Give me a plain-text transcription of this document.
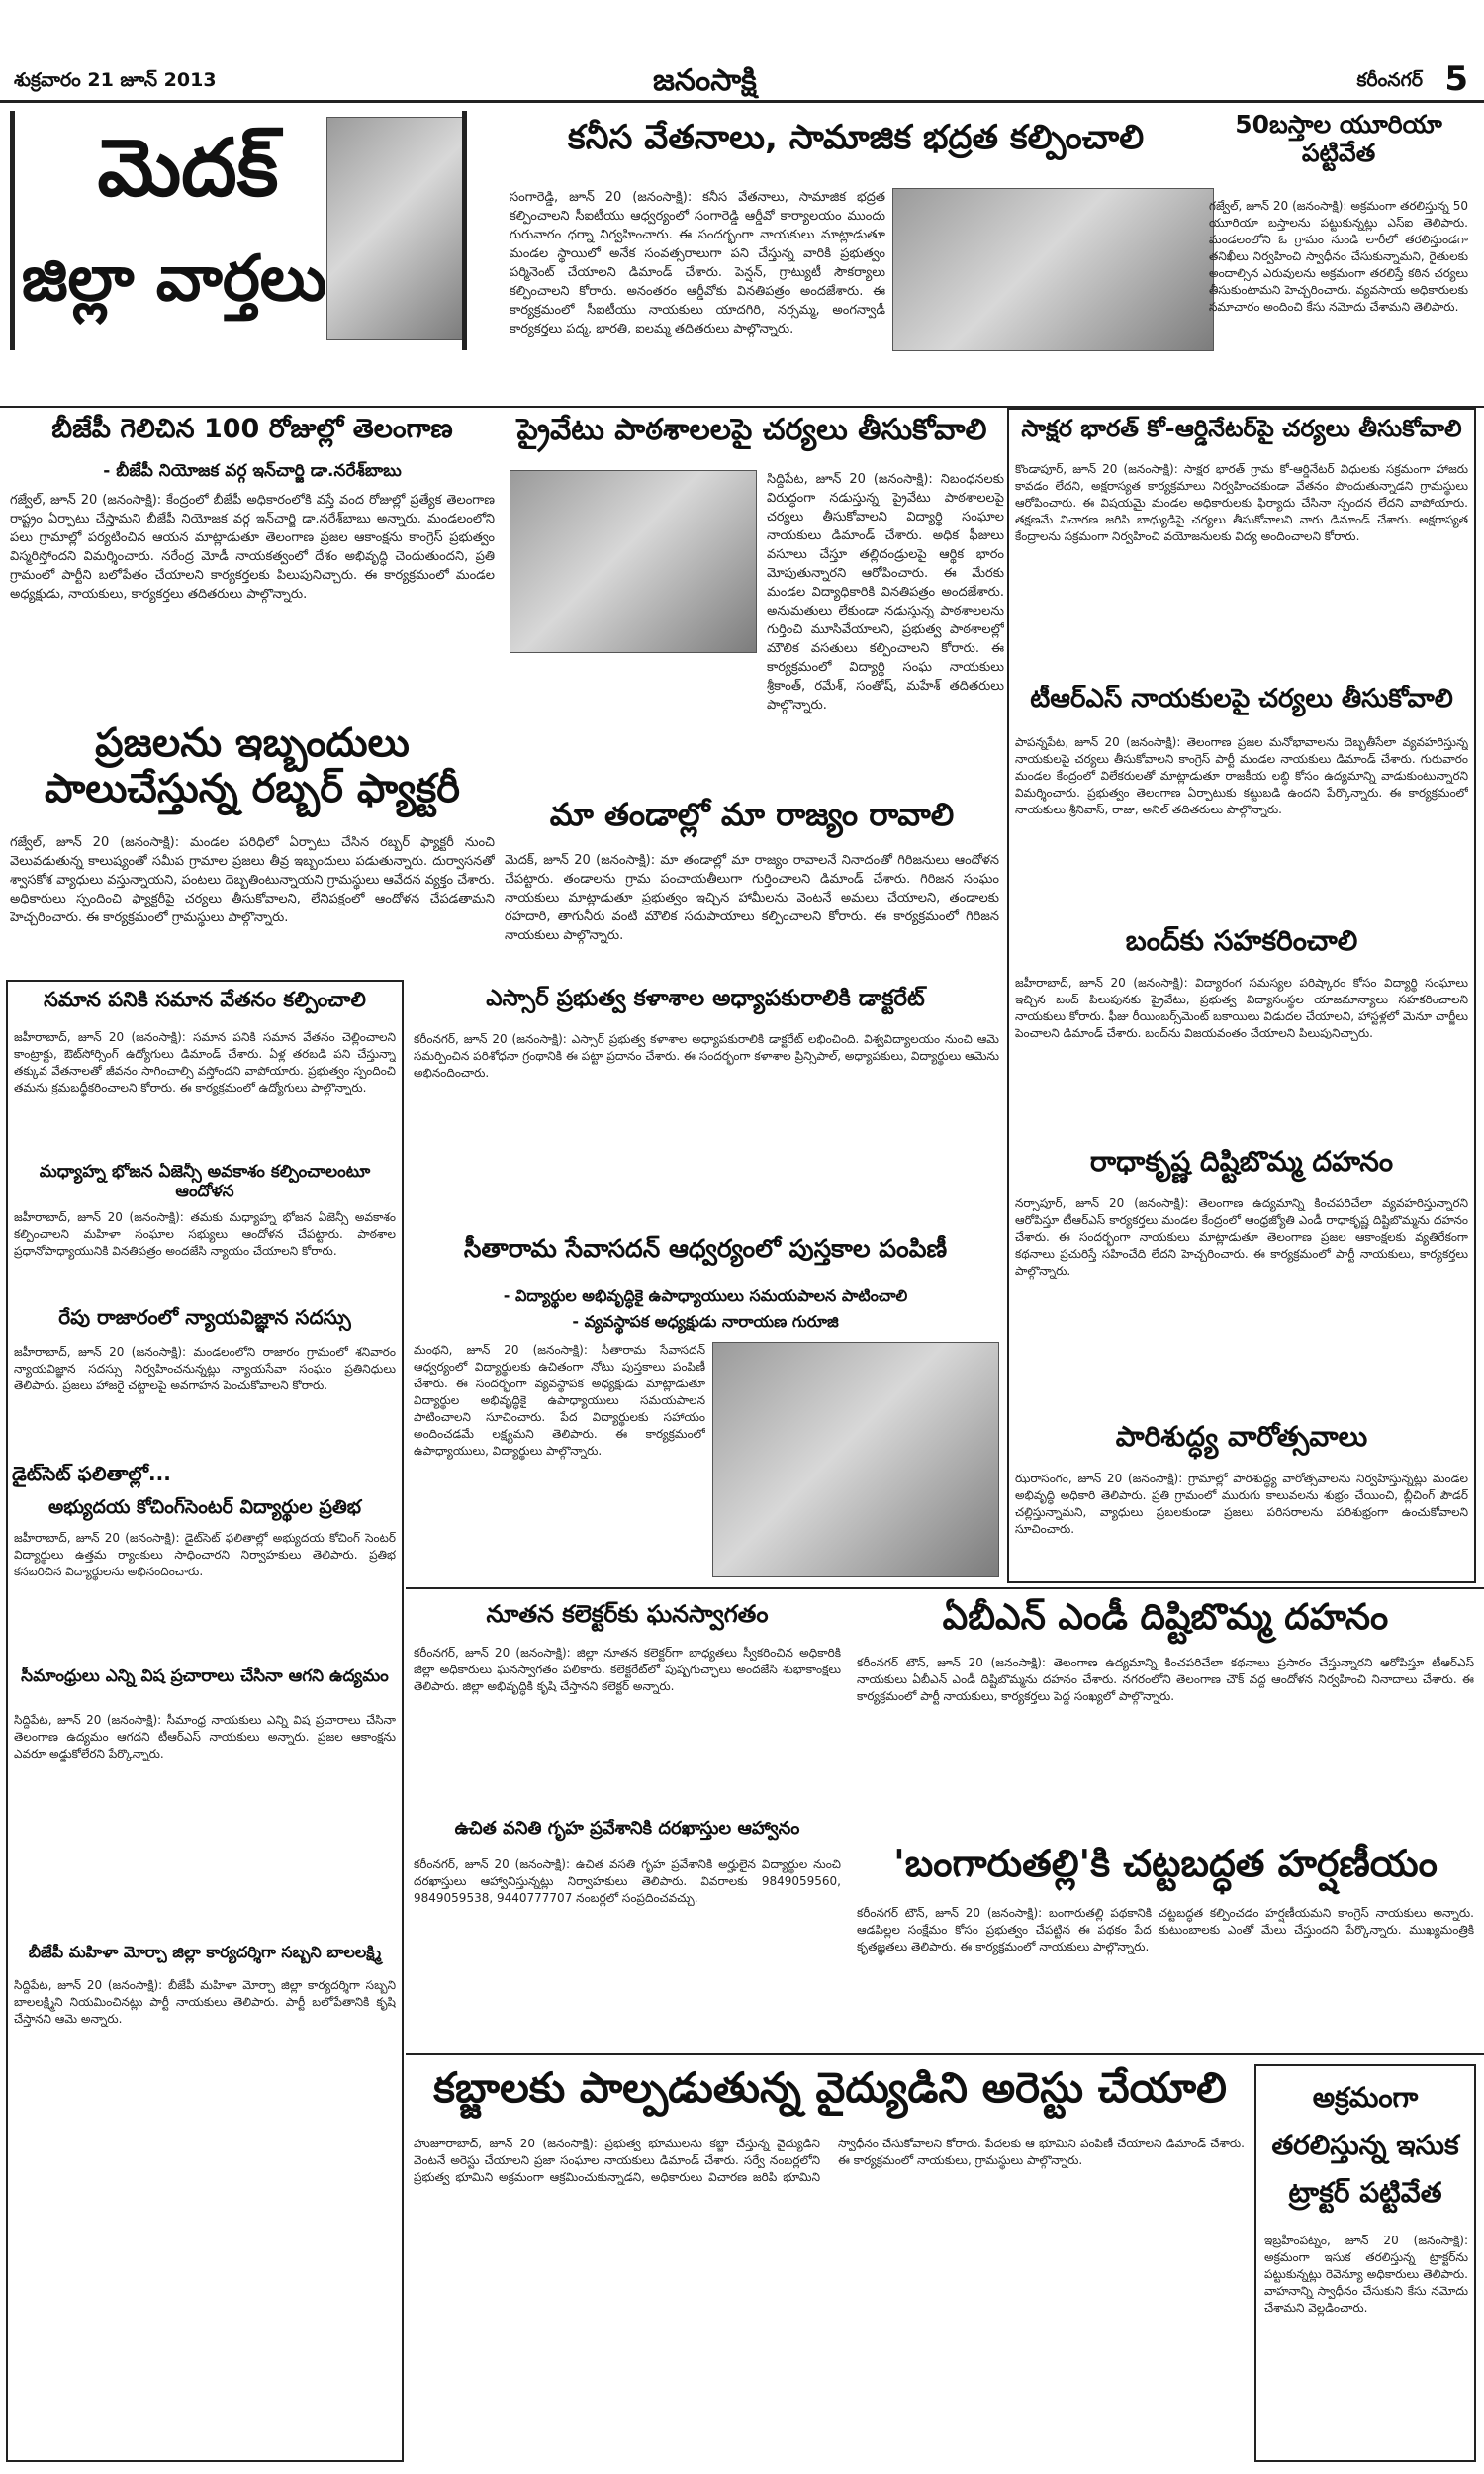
శుక్రవారం 21 జూన్ 2013	జనంసాక్షి	కరీంనగర్ 5
మెదక్
జిల్లా వార్తలు
కనీస వేతనాలు, సామాజిక భద్రత కల్పించాలి
సంగారెడ్డి, జూన్ 20 (జనంసాక్షి): కనీస వేతనాలు, సామాజిక భద్రత కల్పించాలని సీఐటీయు ఆధ్వర్యంలో సంగారెడ్డి ఆర్డీవో కార్యాలయం ముందు గురువారం ధర్నా నిర్వహించారు. ఈ సందర్భంగా నాయకులు మాట్లాడుతూ మండల స్థాయిలో అనేక సంవత్సరాలుగా పని చేస్తున్న వారికి ప్రభుత్వం పర్మినెంట్ చేయాలని డిమాండ్ చేశారు. పెన్షన్, గ్రాట్యుటీ సౌకర్యాలు కల్పించాలని కోరారు. అనంతరం ఆర్డీవోకు వినతిపత్రం అందజేశారు. ఈ కార్యక్రమంలో సీఐటీయు నాయకులు యాదగిరి, నర్సమ్మ, అంగన్వాడీ కార్యకర్తలు పద్మ, భారతి, ఐలమ్మ తదితరులు పాల్గొన్నారు.
50బస్తాల యూరియా పట్టివేత
గజ్వేల్, జూన్ 20 (జనంసాక్షి): అక్రమంగా తరలిస్తున్న 50 యూరియా బస్తాలను పట్టుకున్నట్లు ఎస్ఐ తెలిపారు. మండలంలోని ఓ గ్రామం నుండి లారీలో తరలిస్తుండగా తనిఖీలు నిర్వహించి స్వాధీనం చేసుకున్నామని, రైతులకు అందాల్సిన ఎరువులను అక్రమంగా తరలిస్తే కఠిన చర్యలు తీసుకుంటామని హెచ్చరించారు. వ్యవసాయ అధికారులకు సమాచారం అందించి కేసు నమోదు చేశామని తెలిపారు.
బీజేపీ గెలిచిన 100 రోజుల్లో తెలంగాణ
- బీజేపీ నియోజక వర్గ ఇన్‌చార్జి డా.నరేశ్‌బాబు
గజ్వేల్, జూన్ 20 (జనంసాక్షి): కేంద్రంలో బీజేపీ అధికారంలోకి వస్తే వంద రోజుల్లో ప్రత్యేక తెలంగాణ రాష్ట్రం ఏర్పాటు చేస్తామని బీజేపీ నియోజక వర్గ ఇన్‌చార్జి డా.నరేశ్‌బాబు అన్నారు. మండలంలోని పలు గ్రామాల్లో పర్యటించిన ఆయన మాట్లాడుతూ తెలంగాణ ప్రజల ఆకాంక్షను కాంగ్రెస్ ప్రభుత్వం విస్మరిస్తోందని విమర్శించారు. నరేంద్ర మోడీ నాయకత్వంలో దేశం అభివృద్ధి చెందుతుందని, ప్రతి గ్రామంలో పార్టీని బలోపేతం చేయాలని కార్యకర్తలకు పిలుపునిచ్చారు. ఈ కార్యక్రమంలో మండల అధ్యక్షుడు, నాయకులు, కార్యకర్తలు తదితరులు పాల్గొన్నారు.
ప్రజలను ఇబ్బందులు పాలుచేస్తున్న రబ్బర్ ఫ్యాక్టరీ
గజ్వేల్, జూన్ 20 (జనంసాక్షి): మండల పరిధిలో ఏర్పాటు చేసిన రబ్బర్ ఫ్యాక్టరీ నుంచి వెలువడుతున్న కాలుష్యంతో సమీప గ్రామాల ప్రజలు తీవ్ర ఇబ్బందులు పడుతున్నారు. దుర్వాసనతో శ్వాసకోశ వ్యాధులు వస్తున్నాయని, పంటలు దెబ్బతింటున్నాయని గ్రామస్థులు ఆవేదన వ్యక్తం చేశారు. అధికారులు స్పందించి ఫ్యాక్టరీపై చర్యలు తీసుకోవాలని, లేనిపక్షంలో ఆందోళన చేపడతామని హెచ్చరించారు. ఈ కార్యక్రమంలో గ్రామస్థులు పాల్గొన్నారు.
ప్రైవేటు పాఠశాలలపై చర్యలు తీసుకోవాలి
సిద్దిపేట, జూన్ 20 (జనంసాక్షి): నిబంధనలకు విరుద్ధంగా నడుస్తున్న ప్రైవేటు పాఠశాలలపై చర్యలు తీసుకోవాలని విద్యార్థి సంఘాల నాయకులు డిమాండ్ చేశారు. అధిక ఫీజులు వసూలు చేస్తూ తల్లిదండ్రులపై ఆర్థిక భారం మోపుతున్నారని ఆరోపించారు. ఈ మేరకు మండల విద్యాధికారికి వినతిపత్రం అందజేశారు. అనుమతులు లేకుండా నడుస్తున్న పాఠశాలలను గుర్తించి మూసివేయాలని, ప్రభుత్వ పాఠశాలల్లో మౌలిక వసతులు కల్పించాలని కోరారు. ఈ కార్యక్రమంలో విద్యార్థి సంఘ నాయకులు శ్రీకాంత్, రమేశ్, సంతోష్, మహేశ్ తదితరులు పాల్గొన్నారు.
మా తండాల్లో మా రాజ్యం రావాలి
మెదక్, జూన్ 20 (జనంసాక్షి): మా తండాల్లో మా రాజ్యం రావాలనే నినాదంతో గిరిజనులు ఆందోళన చేపట్టారు. తండాలను గ్రామ పంచాయతీలుగా గుర్తించాలని డిమాండ్ చేశారు. గిరిజన సంఘం నాయకులు మాట్లాడుతూ ప్రభుత్వం ఇచ్చిన హామీలను వెంటనే అమలు చేయాలని, తండాలకు రహదారి, తాగునీరు వంటి మౌలిక సదుపాయాలు కల్పించాలని కోరారు. ఈ కార్యక్రమంలో గిరిజన నాయకులు పాల్గొన్నారు.
సాక్షర భారత్ కో-ఆర్డినేటర్‌పై చర్యలు తీసుకోవాలి
కొండాపూర్, జూన్ 20 (జనంసాక్షి): సాక్షర భారత్ గ్రామ కో-ఆర్డినేటర్ విధులకు సక్రమంగా హాజరు కావడం లేదని, అక్షరాస్యత కార్యక్రమాలు నిర్వహించకుండా వేతనం పొందుతున్నాడని గ్రామస్థులు ఆరోపించారు. ఈ విషయమై మండల అధికారులకు ఫిర్యాదు చేసినా స్పందన లేదని వాపోయారు. తక్షణమే విచారణ జరిపి బాధ్యుడిపై చర్యలు తీసుకోవాలని వారు డిమాండ్ చేశారు. అక్షరాస్యత కేంద్రాలను సక్రమంగా నిర్వహించి వయోజనులకు విద్య అందించాలని కోరారు.
టీఆర్ఎస్ నాయకులపై చర్యలు తీసుకోవాలి
పాపన్నపేట, జూన్ 20 (జనంసాక్షి): తెలంగాణ ప్రజల మనోభావాలను దెబ్బతీసేలా వ్యవహరిస్తున్న నాయకులపై చర్యలు తీసుకోవాలని కాంగ్రెస్ పార్టీ మండల నాయకులు డిమాండ్ చేశారు. గురువారం మండల కేంద్రంలో విలేకరులతో మాట్లాడుతూ రాజకీయ లబ్ధి కోసం ఉద్యమాన్ని వాడుకుంటున్నారని విమర్శించారు. ప్రభుత్వం తెలంగాణ ఏర్పాటుకు కట్టుబడి ఉందని పేర్కొన్నారు. ఈ కార్యక్రమంలో నాయకులు శ్రీనివాస్, రాజు, అనిల్ తదితరులు పాల్గొన్నారు.
బంద్‌కు సహకరించాలి
జహీరాబాద్, జూన్ 20 (జనంసాక్షి): విద్యారంగ సమస్యల పరిష్కారం కోసం విద్యార్థి సంఘాలు ఇచ్చిన బంద్ పిలుపునకు ప్రైవేటు, ప్రభుత్వ విద్యాసంస్థల యాజమాన్యాలు సహకరించాలని నాయకులు కోరారు. ఫీజు రీయింబర్స్‌మెంట్ బకాయిలు విడుదల చేయాలని, హాస్టళ్లలో మెనూ చార్జీలు పెంచాలని డిమాండ్ చేశారు. బంద్‌ను విజయవంతం చేయాలని పిలుపునిచ్చారు.
రాధాకృష్ణ దిష్టిబొమ్మ దహనం
నర్సాపూర్, జూన్ 20 (జనంసాక్షి): తెలంగాణ ఉద్యమాన్ని కించపరిచేలా వ్యవహరిస్తున్నారని ఆరోపిస్తూ టీఆర్ఎస్ కార్యకర్తలు మండల కేంద్రంలో ఆంధ్రజ్యోతి ఎండీ రాధాకృష్ణ దిష్టిబొమ్మను దహనం చేశారు. ఈ సందర్భంగా నాయకులు మాట్లాడుతూ తెలంగాణ ప్రజల ఆకాంక్షలకు వ్యతిరేకంగా కథనాలు ప్రచురిస్తే సహించేది లేదని హెచ్చరించారు. ఈ కార్యక్రమంలో పార్టీ నాయకులు, కార్యకర్తలు పాల్గొన్నారు.
పారిశుద్ధ్య వారోత్సవాలు
ఝరాసంగం, జూన్ 20 (జనంసాక్షి): గ్రామాల్లో పారిశుద్ధ్య వారోత్సవాలను నిర్వహిస్తున్నట్లు మండల అభివృద్ధి అధికారి తెలిపారు. ప్రతి గ్రామంలో మురుగు కాలువలను శుభ్రం చేయించి, బ్లీచింగ్ పౌడర్ చల్లిస్తున్నామని, వ్యాధులు ప్రబలకుండా ప్రజలు పరిసరాలను పరిశుభ్రంగా ఉంచుకోవాలని సూచించారు.
సమాన పనికి సమాన వేతనం కల్పించాలి
జహీరాబాద్, జూన్ 20 (జనంసాక్షి): సమాన పనికి సమాన వేతనం చెల్లించాలని కాంట్రాక్టు, ఔట్‌సోర్సింగ్ ఉద్యోగులు డిమాండ్ చేశారు. ఏళ్ల తరబడి పని చేస్తున్నా తక్కువ వేతనాలతో జీవనం సాగించాల్సి వస్తోందని వాపోయారు. ప్రభుత్వం స్పందించి తమను క్రమబద్ధీకరించాలని కోరారు. ఈ కార్యక్రమంలో ఉద్యోగులు పాల్గొన్నారు.
మధ్యాహ్న భోజన ఏజెన్సీ అవకాశం కల్పించాలంటూ ఆందోళన
జహీరాబాద్, జూన్ 20 (జనంసాక్షి): తమకు మధ్యాహ్న భోజన ఏజెన్సీ అవకాశం కల్పించాలని మహిళా సంఘాల సభ్యులు ఆందోళన చేపట్టారు. పాఠశాల ప్రధానోపాధ్యాయునికి వినతిపత్రం అందజేసి న్యాయం చేయాలని కోరారు.
రేపు రాజారంలో న్యాయవిజ్ఞాన సదస్సు
జహీరాబాద్, జూన్ 20 (జనంసాక్షి): మండలంలోని రాజారం గ్రామంలో శనివారం న్యాయవిజ్ఞాన సదస్సు నిర్వహించనున్నట్లు న్యాయసేవా సంఘం ప్రతినిధులు తెలిపారు. ప్రజలు హాజరై చట్టాలపై అవగాహన పెంచుకోవాలని కోరారు.
డైట్‌సెట్ ఫలితాల్లో...
అభ్యుదయ కోచింగ్‌సెంటర్ విద్యార్థుల ప్రతిభ
జహీరాబాద్, జూన్ 20 (జనంసాక్షి): డైట్‌సెట్ ఫలితాల్లో అభ్యుదయ కోచింగ్ సెంటర్ విద్యార్థులు ఉత్తమ ర్యాంకులు సాధించారని నిర్వాహకులు తెలిపారు. ప్రతిభ కనబరిచిన విద్యార్థులను అభినందించారు.
సీమాంధ్రులు ఎన్ని విష ప్రచారాలు చేసినా ఆగని ఉద్యమం
సిద్దిపేట, జూన్ 20 (జనంసాక్షి): సీమాంధ్ర నాయకులు ఎన్ని విష ప్రచారాలు చేసినా తెలంగాణ ఉద్యమం ఆగదని టీఆర్ఎస్ నాయకులు అన్నారు. ప్రజల ఆకాంక్షను ఎవరూ అడ్డుకోలేరని పేర్కొన్నారు.
బీజేపీ మహిళా మోర్చా జిల్లా కార్యదర్శిగా సబ్బని బాలలక్ష్మి
సిద్దిపేట, జూన్ 20 (జనంసాక్షి): బీజేపీ మహిళా మోర్చా జిల్లా కార్యదర్శిగా సబ్బని బాలలక్ష్మిని నియమించినట్లు పార్టీ నాయకులు తెలిపారు. పార్టీ బలోపేతానికి కృషి చేస్తానని ఆమె అన్నారు.
ఎస్సార్ ప్రభుత్వ కళాశాల అధ్యాపకురాలికి డాక్టరేట్
కరీంనగర్, జూన్ 20 (జనంసాక్షి): ఎస్సార్ ప్రభుత్వ కళాశాల అధ్యాపకురాలికి డాక్టరేట్ లభించింది. విశ్వవిద్యాలయం నుంచి ఆమె సమర్పించిన పరిశోధనా గ్రంథానికి ఈ పట్టా ప్రదానం చేశారు. ఈ సందర్భంగా కళాశాల ప్రిన్సిపాల్, అధ్యాపకులు, విద్యార్థులు ఆమెను అభినందించారు.
సీతారామ సేవాసదన్ ఆధ్వర్యంలో పుస్తకాల పంపిణీ
- విద్యార్థుల అభివృద్ధికై ఉపాధ్యాయులు సమయపాలన పాటించాలి
- వ్యవస్థాపక అధ్యక్షుడు నారాయణ గురూజి
మంథని, జూన్ 20 (జనంసాక్షి): సీతారామ సేవాసదన్ ఆధ్వర్యంలో విద్యార్థులకు ఉచితంగా నోటు పుస్తకాలు పంపిణీ చేశారు. ఈ సందర్భంగా వ్యవస్థాపక అధ్యక్షుడు మాట్లాడుతూ విద్యార్థుల అభివృద్ధికై ఉపాధ్యాయులు సమయపాలన పాటించాలని సూచించారు. పేద విద్యార్థులకు సహాయం అందించడమే లక్ష్యమని తెలిపారు. ఈ కార్యక్రమంలో ఉపాధ్యాయులు, విద్యార్థులు పాల్గొన్నారు.
నూతన కలెక్టర్‌కు ఘనస్వాగతం
కరీంనగర్, జూన్ 20 (జనంసాక్షి): జిల్లా నూతన కలెక్టర్‌గా బాధ్యతలు స్వీకరించిన అధికారికి జిల్లా అధికారులు ఘనస్వాగతం పలికారు. కలెక్టరేట్‌లో పుష్పగుచ్ఛాలు అందజేసి శుభాకాంక్షలు తెలిపారు. జిల్లా అభివృద్ధికి కృషి చేస్తానని కలెక్టర్ అన్నారు.
ఉచిత వనితి గృహ ప్రవేశానికి దరఖాస్తుల ఆహ్వానం
కరీంనగర్, జూన్ 20 (జనంసాక్షి): ఉచిత వసతి గృహ ప్రవేశానికి అర్హులైన విద్యార్థుల నుంచి దరఖాస్తులు ఆహ్వానిస్తున్నట్లు నిర్వాహకులు తెలిపారు. వివరాలకు 9849059560, 9849059538, 9440777707 నంబర్లలో సంప్రదించవచ్చు.
ఏబీఎన్ ఎండీ దిష్టిబొమ్మ దహనం
కరీంనగర్ టౌన్, జూన్ 20 (జనంసాక్షి): తెలంగాణ ఉద్యమాన్ని కించపరిచేలా కథనాలు ప్రసారం చేస్తున్నారని ఆరోపిస్తూ టీఆర్ఎస్ నాయకులు ఏబీఎన్ ఎండీ దిష్టిబొమ్మను దహనం చేశారు. నగరంలోని తెలంగాణ చౌక్ వద్ద ఆందోళన నిర్వహించి నినాదాలు చేశారు. ఈ కార్యక్రమంలో పార్టీ నాయకులు, కార్యకర్తలు పెద్ద సంఖ్యలో పాల్గొన్నారు.
'బంగారుతల్లి'కి చట్టబద్ధత హర్షణీయం
కరీంనగర్ టౌన్, జూన్ 20 (జనంసాక్షి): బంగారుతల్లి పథకానికి చట్టబద్ధత కల్పించడం హర్షణీయమని కాంగ్రెస్ నాయకులు అన్నారు. ఆడపిల్లల సంక్షేమం కోసం ప్రభుత్వం చేపట్టిన ఈ పథకం పేద కుటుంబాలకు ఎంతో మేలు చేస్తుందని పేర్కొన్నారు. ముఖ్యమంత్రికి కృతజ్ఞతలు తెలిపారు. ఈ కార్యక్రమంలో నాయకులు పాల్గొన్నారు.
కబ్జాలకు పాల్పడుతున్న వైద్యుడిని అరెస్టు చేయాలి
హుజూరాబాద్, జూన్ 20 (జనంసాక్షి): ప్రభుత్వ భూములను కబ్జా చేస్తున్న వైద్యుడిని వెంటనే అరెస్టు చేయాలని ప్రజా సంఘాల నాయకులు డిమాండ్ చేశారు. సర్వే నంబర్లలోని ప్రభుత్వ భూమిని అక్రమంగా ఆక్రమించుకున్నాడని, అధికారులు విచారణ జరిపి భూమిని స్వాధీనం చేసుకోవాలని కోరారు. పేదలకు ఆ భూమిని పంపిణీ చేయాలని డిమాండ్ చేశారు. ఈ కార్యక్రమంలో నాయకులు, గ్రామస్థులు పాల్గొన్నారు.
అక్రమంగా తరలిస్తున్న ఇసుక ట్రాక్టర్ పట్టివేత
ఇబ్రహీంపట్నం, జూన్ 20 (జనంసాక్షి): అక్రమంగా ఇసుక తరలిస్తున్న ట్రాక్టర్‌ను పట్టుకున్నట్లు రెవెన్యూ అధికారులు తెలిపారు. వాహనాన్ని స్వాధీనం చేసుకుని కేసు నమోదు చేశామని వెల్లడించారు.
